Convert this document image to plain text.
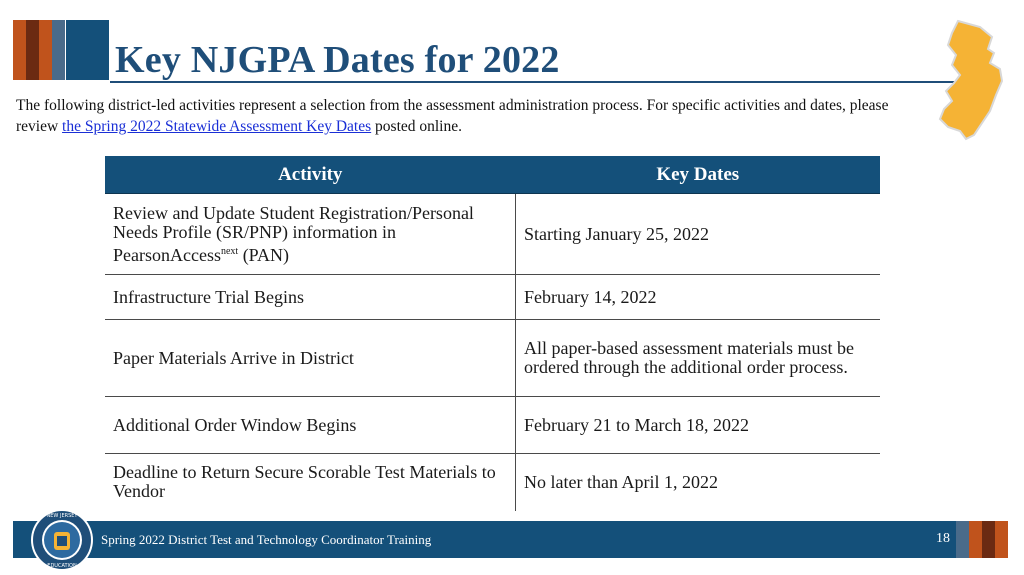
Key NJGPA Dates for 2022
The following district-led activities represent a selection from the assessment administration process. For specific activities and dates, please review the Spring 2022 Statewide Assessment Key Dates posted online.
Activity	Key Dates
Review and Update Student Registration/Personal Needs Profile (SR/PNP) information in PearsonAccess$^{next}$ (PAN)	Starting January 25, 2022
Infrastructure Trial Begins	February 14, 2022
Paper Materials Arrive in District	All paper-based assessment materials must be ordered through the additional order process.
Additional Order Window Begins	February 21 to March 18, 2022
Deadline to Return Secure Scorable Test Materials to Vendor	No later than April 1, 2022
Spring 2022 District Test and Technology Coordinator Training	18
NEW JERSEY
EDUCATION
